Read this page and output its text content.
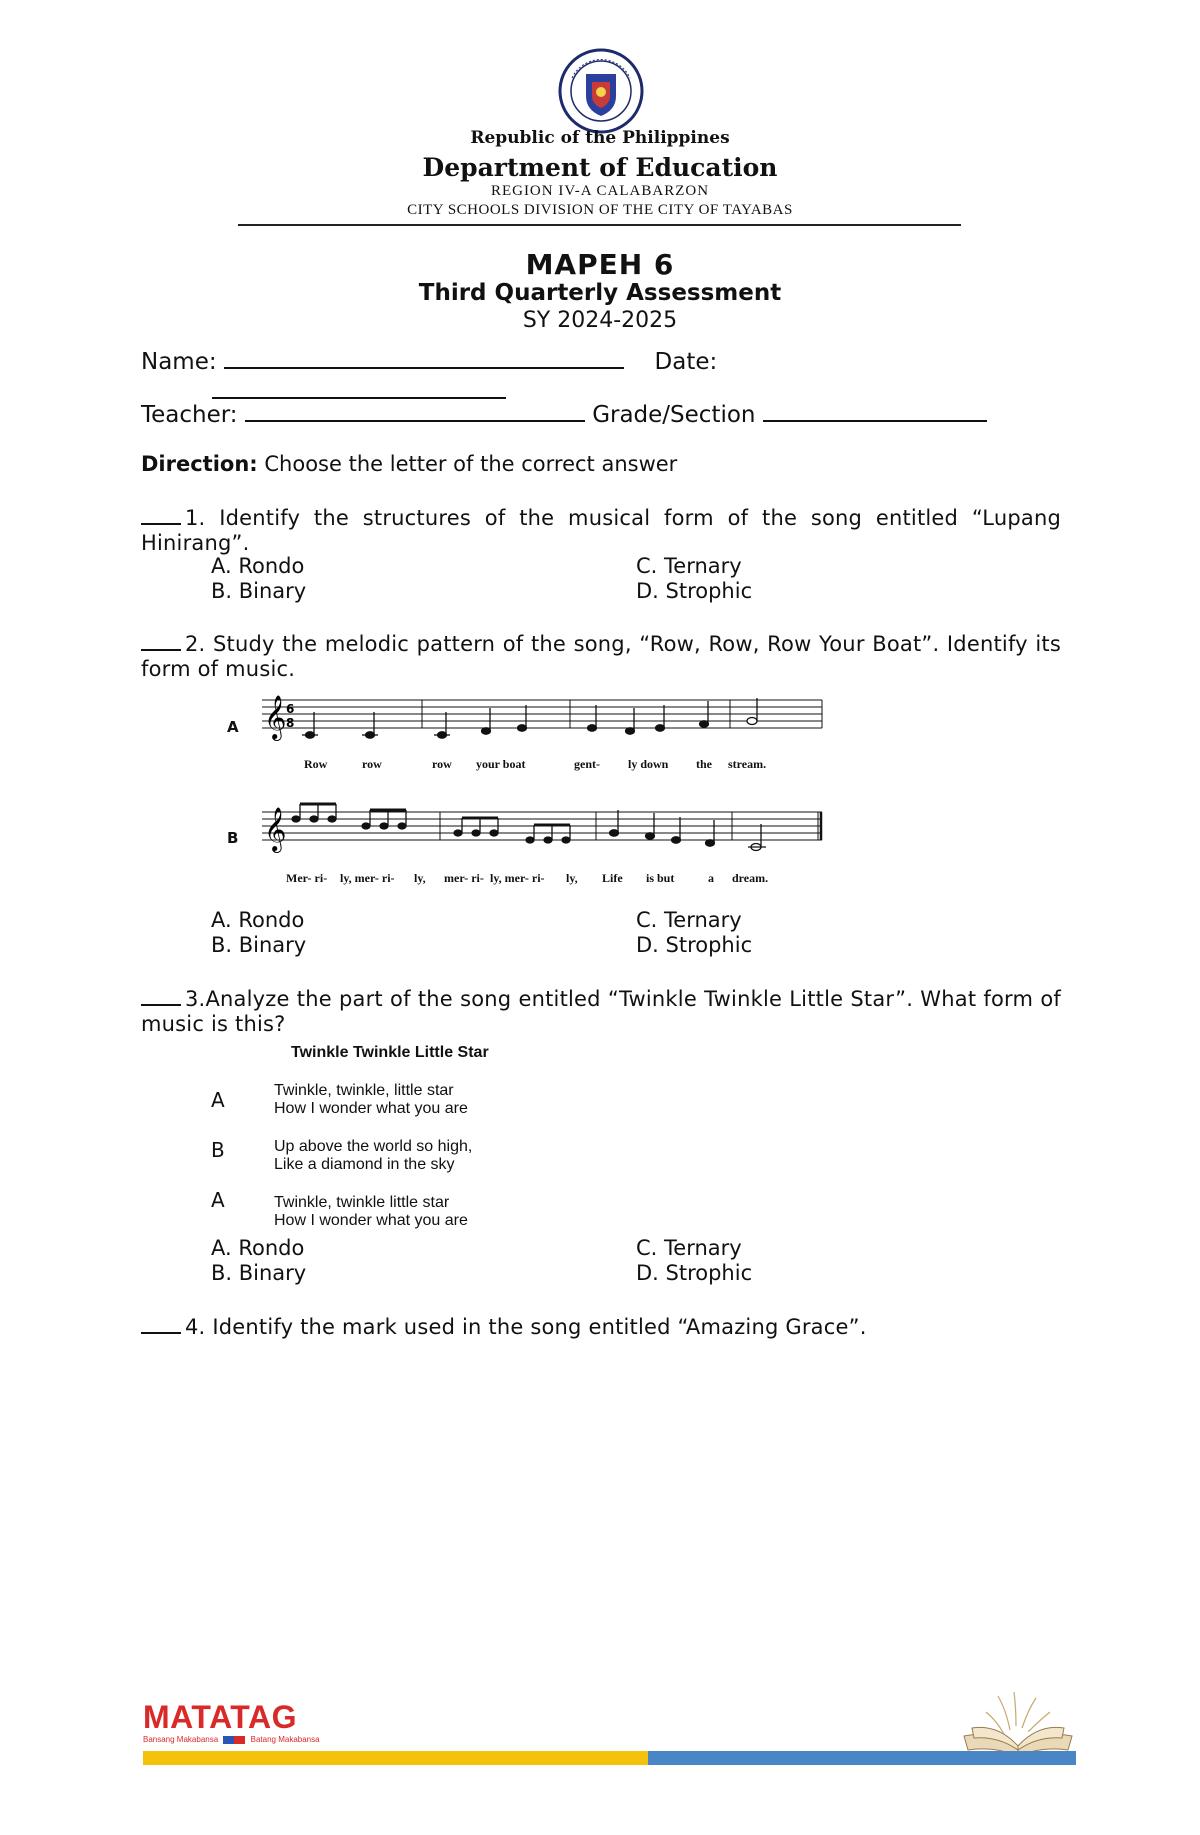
Republic of the Philippines
Department of Education
REGION IV-A CALABARZON
CITY SCHOOLS DIVISION OF THE CITY OF TAYABAS
MAPEH 6
Third Quarterly Assessment
SY 2024-2025
Name:	Date:
Teacher:	Grade/Section
Direction: Choose the letter of the correct answer
1. Identify the structures of the musical form of the song entitled “Lupang Hinirang”.
A. Rondo
B. Binary
C. Ternary
D. Strophic
2. Study the melodic pattern of the song, “Row, Row, Row Your Boat”. Identify its form of music.
A 𝄞 6
8
Row	row	row your boat	gent- ly down the stream.
B 𝄞
Mer- ri- ly, mer- ri- ly, mer- ri- ly, mer- ri- ly, Life is but	a dream.
A. Rondo
B. Binary
C. Ternary
D. Strophic
3.Analyze the part of the song entitled “Twinkle Twinkle Little Star”. What form of music is this?
Twinkle Twinkle Little Star
A	Twinkle, twinkle, little star
How I wonder what you are
B	Up above the world so high,
Like a diamond in the sky
A	Twinkle, twinkle little star
How I wonder what you are
A. Rondo
B. Binary
C. Ternary
D. Strophic
4. Identify the mark used in the song entitled “Amazing Grace”.
MATATAG
Bansang Makabansa	Batang Makabansa
